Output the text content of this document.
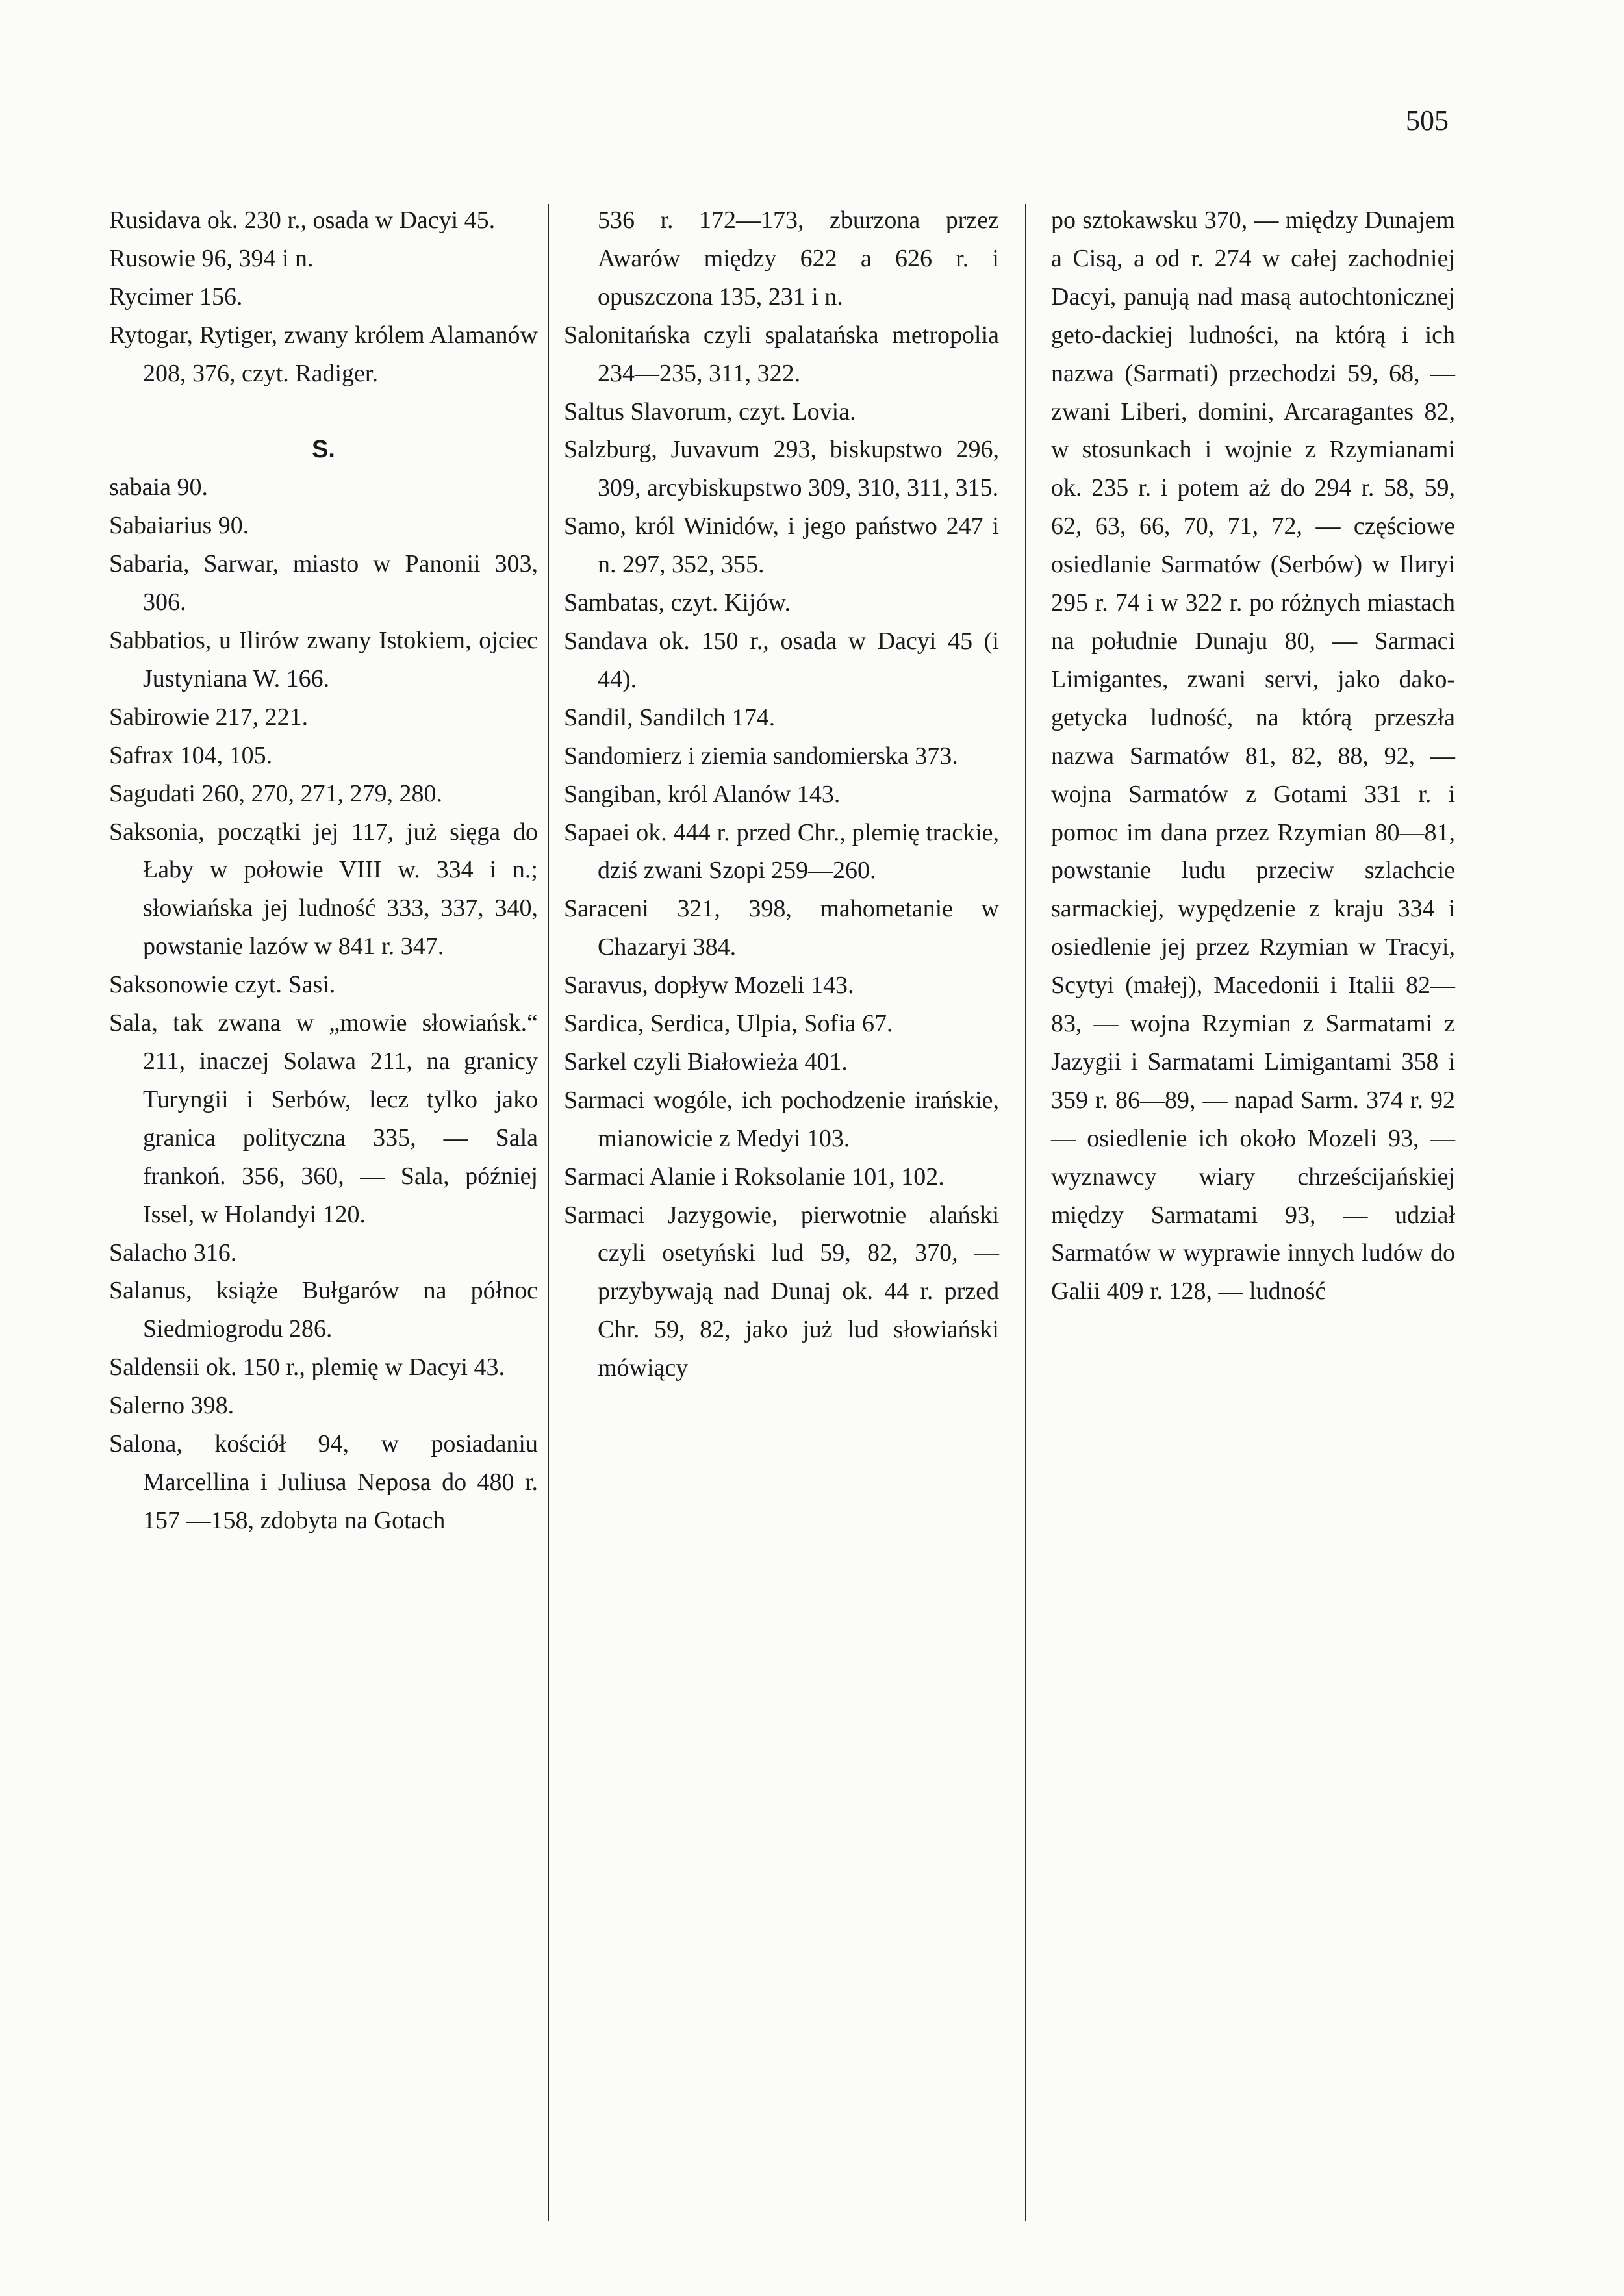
505
Rusidava ok. 230 r., osada w Dacyi 45.
Rusowie 96, 394 i n.
Rycimer 156.
Rytogar, Rytiger, zwany królem Alamanów 208, 376, czyt. Radiger.
S.
sabaia 90.
Sabaiarius 90.
Sabaria, Sarwar, miasto w Panonii 303, 306.
Sabbatios, u Ilirów zwany Istokiem, ojciec Justyniana W. 166.
Sabirowie 217, 221.
Safrax 104, 105.
Sagudati 260, 270, 271, 279, 280.
Saksonia, początki jej 117, już sięga do Łaby w połowie VIII w. 334 i n.; słowiańska jej ludność 333, 337, 340, powstanie lazów w 841 r. 347.
Saksonowie czyt. Sasi.
Sala, tak zwana w „mowie słowiańsk.“ 211, inaczej Solawa 211, na granicy Turyngii i Serbów, lecz tylko jako granica polityczna 335, — Sala frankoń. 356, 360, — Sala, później Issel, w Holandyi 120.
Salacho 316.
Salanus, książe Bułgarów na północ Siedmiogrodu 286.
Saldensii ok. 150 r., plemię w Dacyi 43.
Salerno 398.
Salona, kościół 94, w posiadaniu Marcellina i Juliusa Neposa do 480 r. 157 —158, zdobyta na Gotach
536 r. 172—173, zburzona przez Awarów między 622 a 626 r. i opuszczona 135, 231 i n.
Salonitańska czyli spalatańska metropolia 234—235, 311, 322.
Saltus Slavorum, czyt. Lovia.
Salzburg, Juvavum 293, biskupstwo 296, 309, arcybiskupstwo 309, 310, 311, 315.
Samo, król Winidów, i jego państwo 247 i n. 297, 352, 355.
Sambatas, czyt. Kijów.
Sandava ok. 150 r., osada w Dacyi 45 (i 44).
Sandil, Sandilch 174.
Sandomierz i ziemia sandomierska 373.
Sangiban, król Alanów 143.
Sapaei ok. 444 r. przed Chr., plemię trackie, dziś zwani Szopi 259—260.
Saraceni 321, 398, mahometanie w Chazaryi 384.
Saravus, dopływ Mozeli 143.
Sardica, Serdica, Ulpia, Sofia 67.
Sarkel czyli Białowieża 401.
Sarmaci wogóle, ich pochodzenie irańskie, mianowicie z Medyi 103.
Sarmaci Alanie i Roksolanie 101, 102.
Sarmaci Jazygowie, pierwotnie alański czyli osetyński lud 59, 82, 370, — przybywają nad Dunaj ok. 44 r. przed Chr. 59, 82, jako już lud słowiański mówiący
po sztokawsku 370, — między Dunajem a Cisą, a od r. 274 w całej zachodniej Dacyi, panują nad masą autochtonicznej geto-dackiej ludności, na którą i ich nazwa (Sarmati) przechodzi 59, 68, — zwani Liberi, domini, Arcaragantes 82, w stosunkach i wojnie z Rzymianami ok. 235 r. i potem aż do 294 r. 58, 59, 62, 63, 66, 70, 71, 72, — częściowe osiedlanie Sarmatów (Serbów) w Ilиryi 295 r. 74 i w 322 r. po różnych miastach na południe Dunaju 80, — Sarmaci Limigantes, zwani servi, jako dako-getycka ludność, na którą przeszła nazwa Sarmatów 81, 82, 88, 92, — wojna Sarmatów z Gotami 331 r. i pomoc im dana przez Rzymian 80—81, powstanie ludu przeciw szlachcie sarmackiej, wypędzenie z kraju 334 i osiedlenie jej przez Rzymian w Tracyi, Scytyi (małej), Macedonii i Italii 82—83, — wojna Rzymian z Sarmatami z Jazygii i Sarmatami Limigantami 358 i 359 r. 86—89, — napad Sarm. 374 r. 92 — osiedlenie ich około Mozeli 93, — wyznawcy wiary chrześcijańskiej między Sarmatami 93, — udział Sarmatów w wyprawie innych ludów do Galii 409 r. 128, — ludność
